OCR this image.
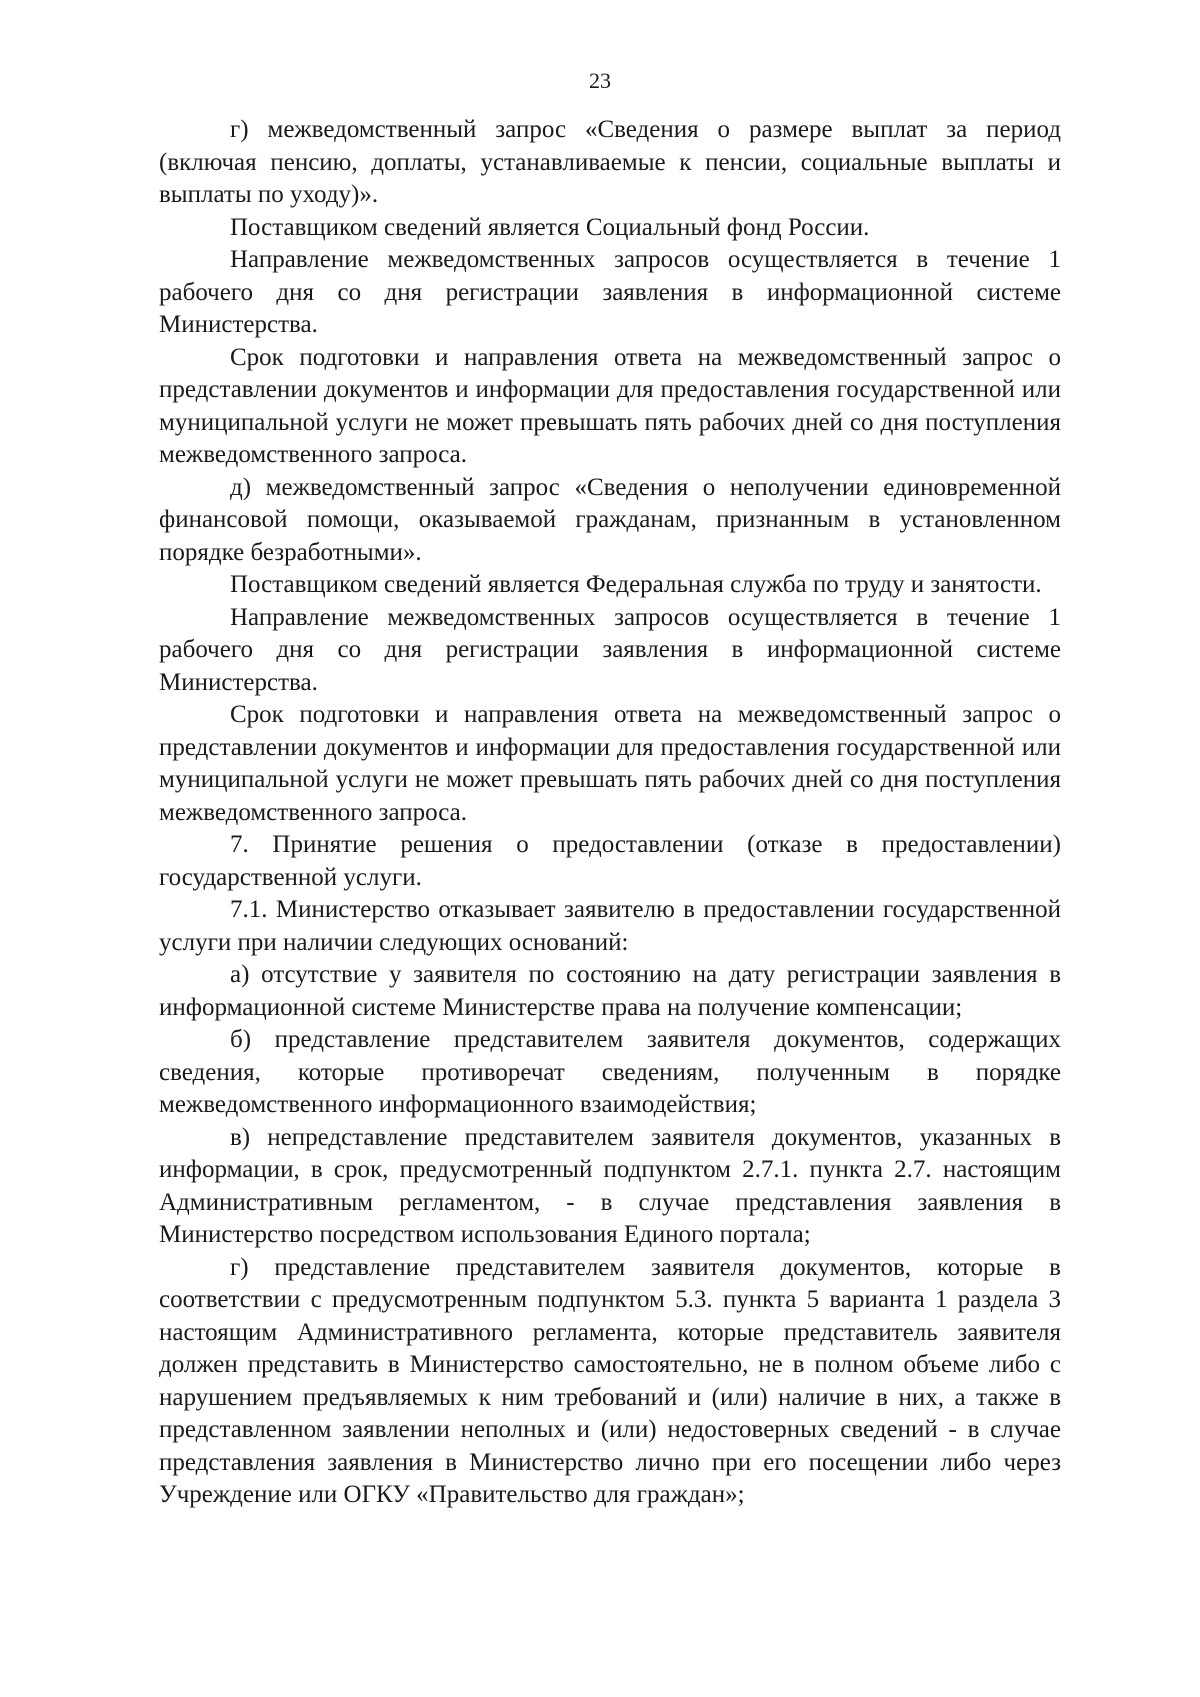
23

г) межведомственный запрос «Сведения о размере выплат за период (включая пенсию, доплаты, устанавливаемые к пенсии, социальные выплаты и выплаты по уходу)».

Поставщиком сведений является Социальный фонд России.

Направление межведомственных запросов осуществляется в течение 1 рабочего дня со дня регистрации заявления в информационной системе Министерства.

Срок подготовки и направления ответа на межведомственный запрос о представлении документов и информации для предоставления государственной или муниципальной услуги не может превышать пять рабочих дней со дня поступления межведомственного запроса.

д) межведомственный запрос «Сведения о неполучении единовременной финансовой помощи, оказываемой гражданам, признанным в установленном порядке безработными».

Поставщиком сведений является Федеральная служба по труду и занятости.

Направление межведомственных запросов осуществляется в течение 1 рабочего дня со дня регистрации заявления в информационной системе Министерства.

Срок подготовки и направления ответа на межведомственный запрос о представлении документов и информации для предоставления государственной или муниципальной услуги не может превышать пять рабочих дней со дня поступления межведомственного запроса.

7. Принятие решения о предоставлении (отказе в предоставлении) государственной услуги.

7.1. Министерство отказывает заявителю в предоставлении государственной услуги при наличии следующих оснований:

а) отсутствие у заявителя по состоянию на дату регистрации заявления в информационной системе Министерстве права на получение компенсации;

б) представление представителем заявителя документов, содержащих сведения, которые противоречат сведениям, полученным в порядке межведомственного информационного взаимодействия;

в) непредставление представителем заявителя документов, указанных в информации, в срок, предусмотренный подпунктом 2.7.1. пункта 2.7. настоящим Административным регламентом, - в случае представления заявления в Министерство посредством использования Единого портала;

г) представление представителем заявителя документов, которые в соответствии с предусмотренным подпунктом 5.3. пункта 5 варианта 1 раздела 3 настоящим Административного регламента, которые представитель заявителя должен представить в Министерство самостоятельно, не в полном объеме либо с нарушением предъявляемых к ним требований и (или) наличие в них, а также в представленном заявлении неполных и (или) недостоверных сведений - в случае представления заявления в Министерство лично при его посещении либо через Учреждение или ОГКУ «Правительство для граждан»;
